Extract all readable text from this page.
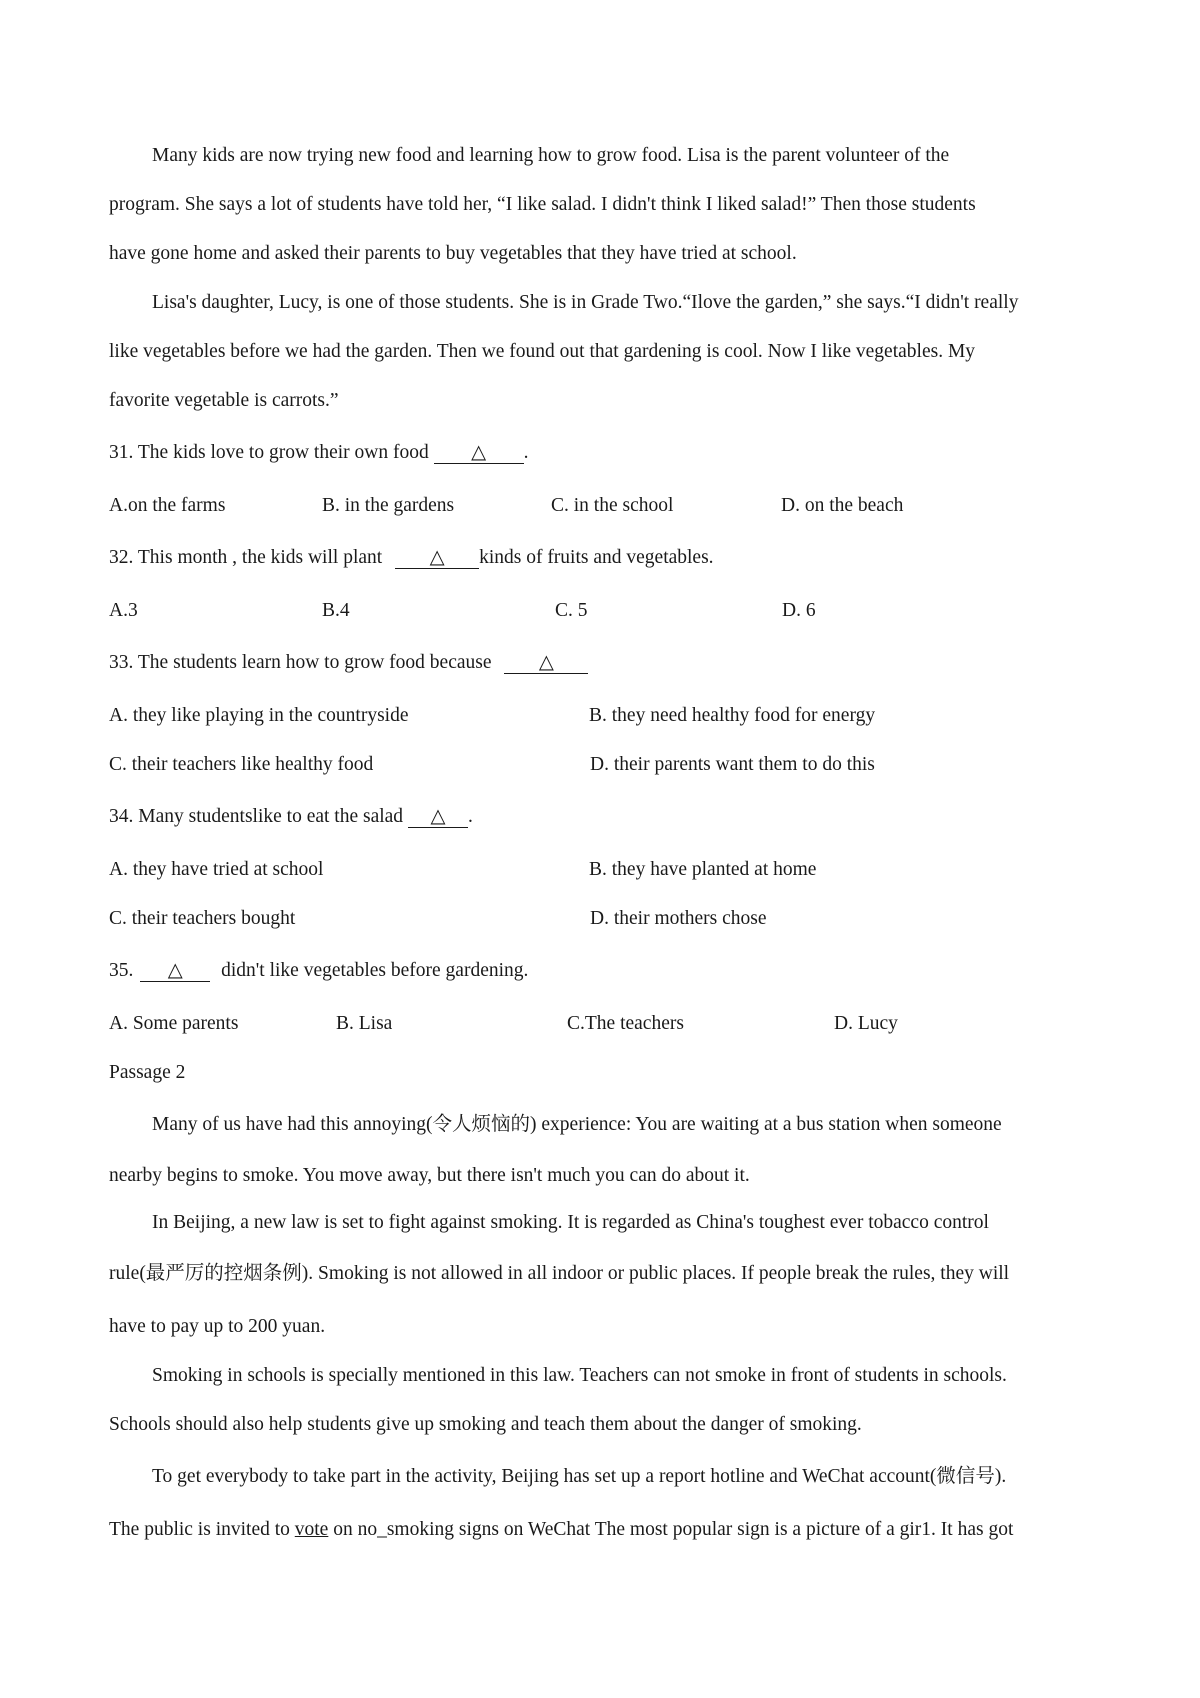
Many kids are now trying new food and learning how to grow food. Lisa is the parent volunteer of the
program. She says a lot of students have told her, “I like salad. I didn't think I liked salad!” Then those students
have gone home and asked their parents to buy vegetables that they have tried at school.
Lisa's daughter, Lucy, is one of those students. She is in Grade Two.“Ilove the garden,” she says.“I didn't really
like vegetables before we had the garden. Then we found out that gardening is cool. Now I like vegetables. My
favorite vegetable is carrots.”
31. The kids love to grow their own food △ .
A.on the farms	B. in the gardens	C. in the school	D. on the beach
32. This month , the kids will plant △ kinds of fruits and vegetables.
A.3	B.4	C. 5	D. 6
33. The students learn how to grow food because △
A. they like playing in the countryside	B. they need healthy food for energy
C. their teachers like healthy food	D. their parents want them to do this
34. Many studentslike to eat the salad △ .
A. they have tried at school	B. they have planted at home
C. their teachers bought	D. their mothers chose
35. △ didn't like vegetables before gardening.
A. Some parents	B. Lisa	C.The teachers	D. Lucy
Passage 2
Many of us have had this annoying(令人烦恼的) experience: You are waiting at a bus station when someone
nearby begins to smoke. You move away, but there isn't much you can do about it.
In Beijing, a new law is set to fight against smoking. It is regarded as China's toughest ever tobacco control
rule(最严厉的控烟条例). Smoking is not allowed in all indoor or public places. If people break the rules, they will
have to pay up to 200 yuan.
Smoking in schools is specially mentioned in this law. Teachers can not smoke in front of students in schools.
Schools should also help students give up smoking and teach them about the danger of smoking.
To get everybody to take part in the activity, Beijing has set up a report hotline and WeChat account(微信号).
The public is invited to vote on no_smoking signs on WeChat The most popular sign is a picture of a gir1. It has got
